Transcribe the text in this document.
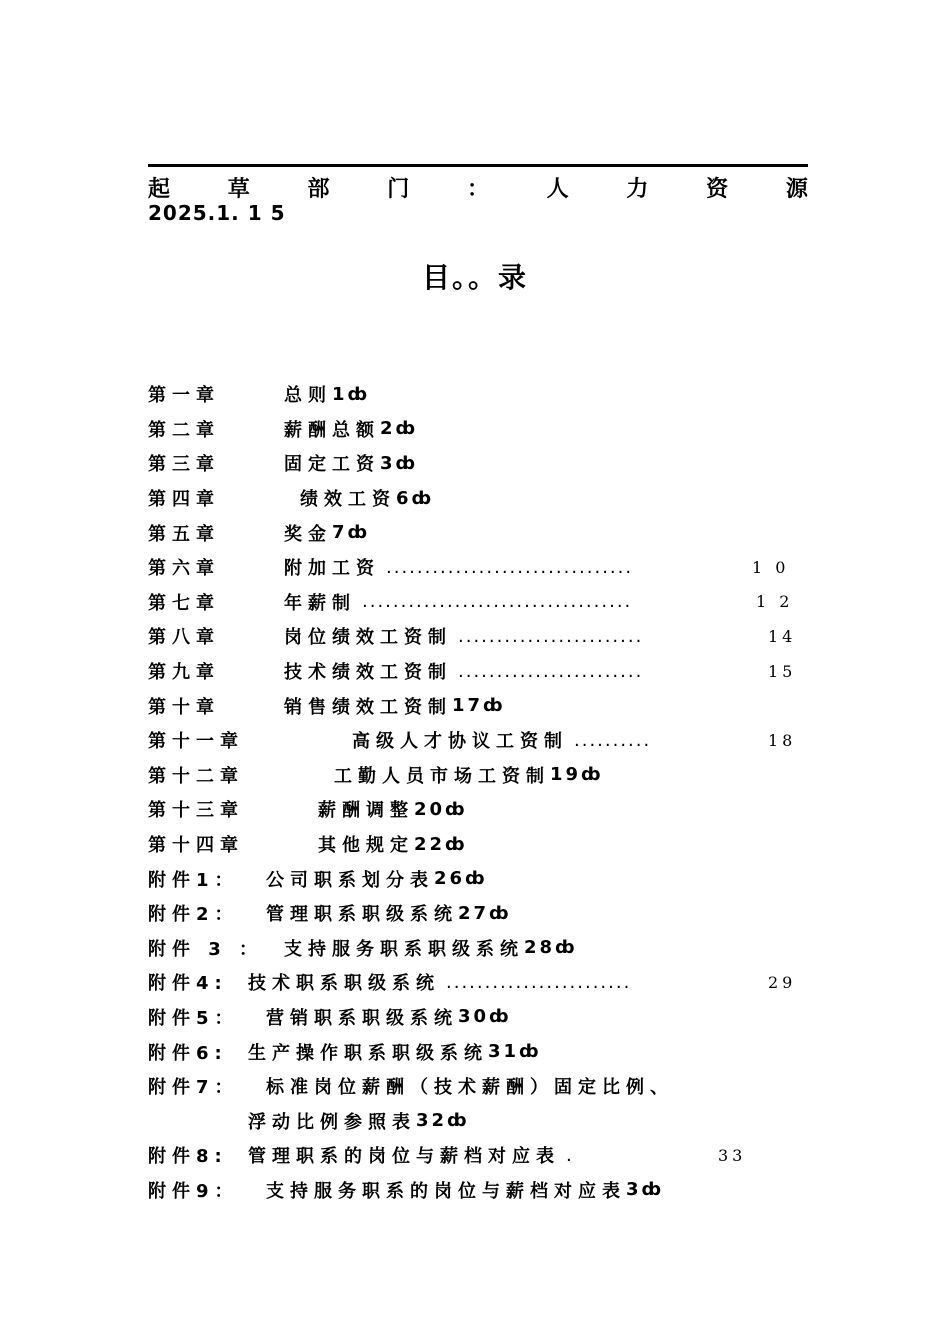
起	草	部	门	：	人	力	资	源
2025.1. 1 5
目。。录
第一章	总则 1ȸ
第二章	薪酬总额 2ȸ
第三章	固定工资 3ȸ
第四章	绩效工资 6ȸ
第五章	奖金 7ȸ
第六章	附加工资 ................................	1 0
第七章	年薪制 ...................................	1 2
第八章	岗位绩效工资制 ........................	14
第九章	技术绩效工资制 ........................	15
第十章	销售绩效工资制 17ȸ
第十一章	高级人才协议工资制 ..........	18
第十二章	工勤人员市场工资制 19ȸ
第十三章	薪酬调整 20ȸ
第十四章	其他规定 22ȸ
附件1：	公司职系划分表 26ȸ
附件2：	管理职系职级系统 27ȸ
附件 3 ：	支持服务职系职级系统 28ȸ
附件4:	技术职系职级系统 ........................	29
附件5：	营销职系职级系统 30ȸ
附件6:	生产操作职系职级系统 31ȸ
附件7：	标准岗位薪酬（技术薪酬）固定比例、
浮动比例参照表 32ȸ
附件8:	管理职系的岗位与薪档对应表 .	33
附件9：	支持服务职系的岗位与薪档对应表 3ȸ
